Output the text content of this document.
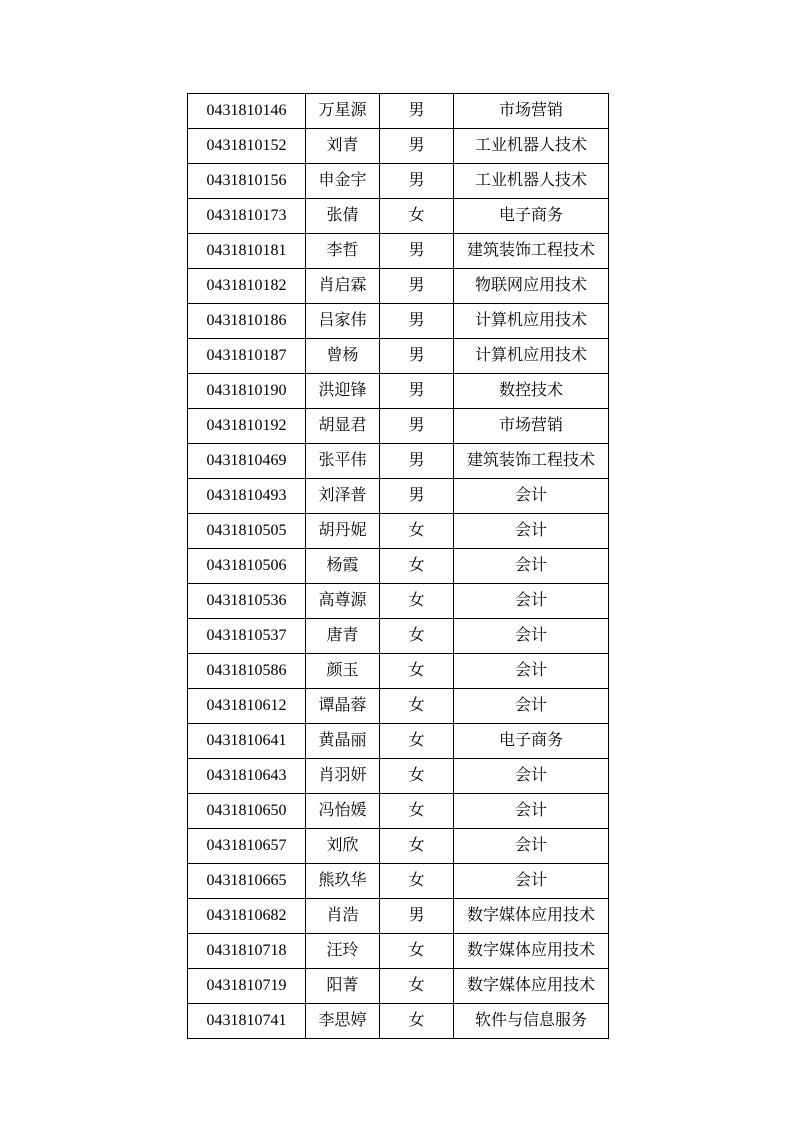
0431810146	万星源	男	市场营销
0431810152	刘青	男	工业机器人技术
0431810156	申金宇	男	工业机器人技术
0431810173	张倩	女	电子商务
0431810181	李哲	男	建筑装饰工程技术
0431810182	肖启霖	男	物联网应用技术
0431810186	吕家伟	男	计算机应用技术
0431810187	曾杨	男	计算机应用技术
0431810190	洪迎锋	男	数控技术
0431810192	胡显君	男	市场营销
0431810469	张平伟	男	建筑装饰工程技术
0431810493	刘泽普	男	会计
0431810505	胡丹妮	女	会计
0431810506	杨霞	女	会计
0431810536	高尊源	女	会计
0431810537	唐青	女	会计
0431810586	颜玉	女	会计
0431810612	谭晶蓉	女	会计
0431810641	黄晶丽	女	电子商务
0431810643	肖羽妍	女	会计
0431810650	冯怡媛	女	会计
0431810657	刘欣	女	会计
0431810665	熊玖华	女	会计
0431810682	肖浩	男	数字媒体应用技术
0431810718	汪玲	女	数字媒体应用技术
0431810719	阳菁	女	数字媒体应用技术
0431810741	李思婷	女	软件与信息服务
